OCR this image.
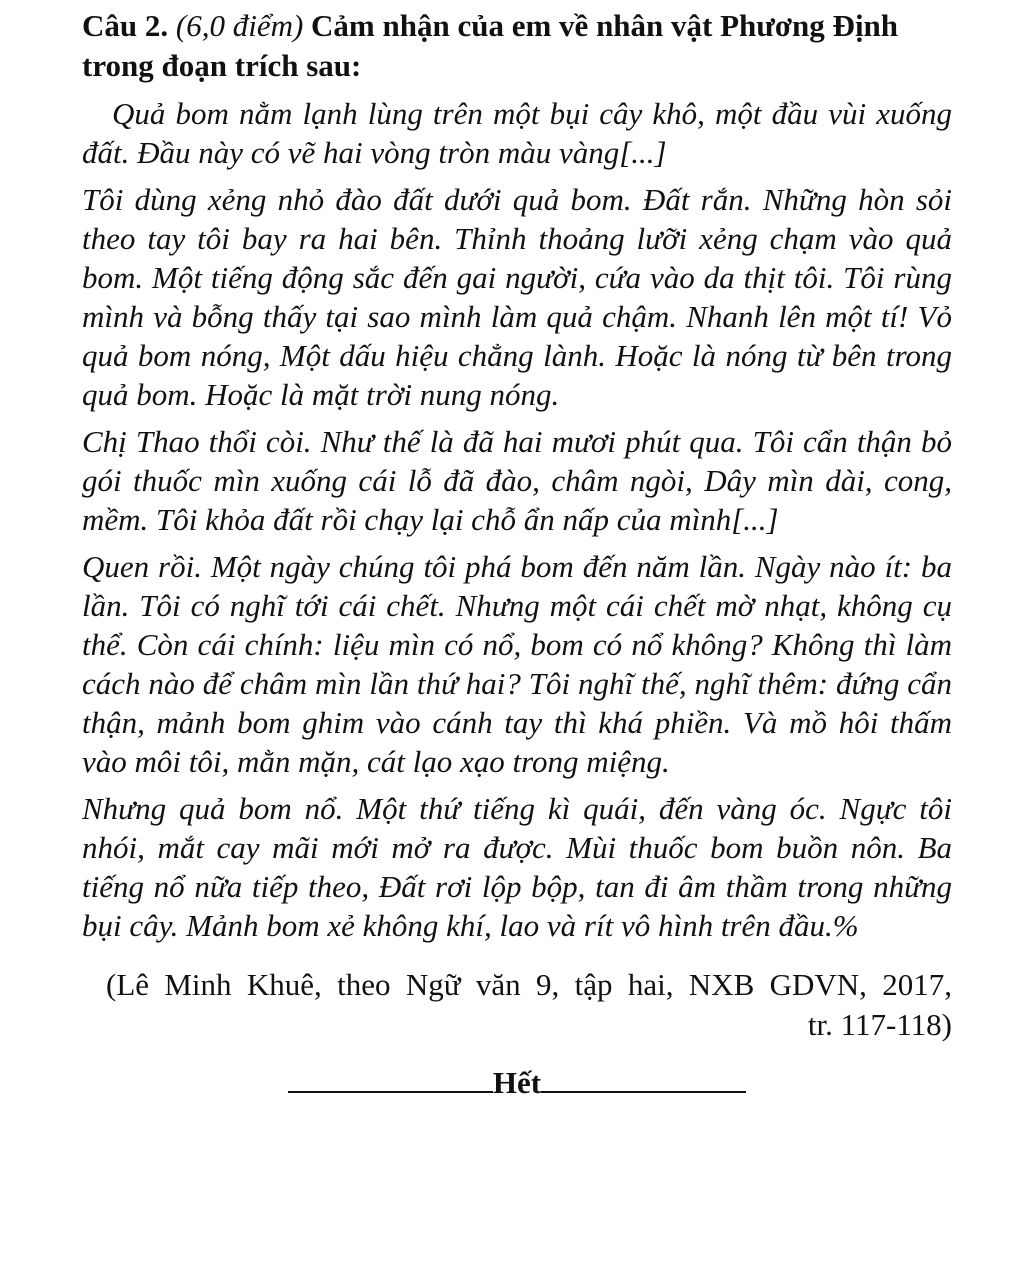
Câu 2. (6,0 điểm) Cảm nhận của em về nhân vật Phương Định trong đoạn trích sau:

Quả bom nằm lạnh lùng trên một bụi cây khô, một đầu vùi xuống đất. Đầu này có vẽ hai vòng tròn màu vàng[...]

Tôi dùng xẻng nhỏ đào đất dưới quả bom. Đất rắn. Những hòn sỏi theo tay tôi bay ra hai bên. Thỉnh thoảng lưỡi xẻng chạm vào quả bom. Một tiếng động sắc đến gai người, cứa vào da thịt tôi. Tôi rùng mình và bỗng thấy tại sao mình làm quả chậm. Nhanh lên một tí! Vỏ quả bom nóng, Một dấu hiệu chẳng lành. Hoặc là nóng từ bên trong quả bom. Hoặc là mặt trời nung nóng.

Chị Thao thổi còi. Như thế là đã hai mươi phút qua. Tôi cẩn thận bỏ gói thuốc mìn xuống cái lỗ đã đào, châm ngòi, Dây mìn dài, cong, mềm. Tôi khỏa đất rồi chạy lại chỗ ẩn nấp của mình[...]

Quen rồi. Một ngày chúng tôi phá bom đến năm lần. Ngày nào ít: ba lần. Tôi có nghĩ tới cái chết. Nhưng một cái chết mờ nhạt, không cụ thể. Còn cái chính: liệu mìn có nổ, bom có nổ không? Không thì làm cách nào để châm mìn lần thứ hai? Tôi nghĩ thế, nghĩ thêm: đứng cẩn thận, mảnh bom ghim vào cánh tay thì khá phiền. Và mồ hôi thấm vào môi tôi, mằn mặn, cát lạo xạo trong miệng.

Nhưng quả bom nổ. Một thứ tiếng kì quái, đến vàng óc. Ngực tôi nhói, mắt cay mãi mới mở ra được. Mùi thuốc bom buồn nôn. Ba tiếng nổ nữa tiếp theo, Đất rơi lộp bộp, tan đi âm thầm trong những bụi cây. Mảnh bom xẻ không khí, lao và rít vô hình trên đầu.%

(Lê Minh Khuê, theo Ngữ văn 9, tập hai, NXB GDVN, 2017,
tr. 117-118)
Hết
